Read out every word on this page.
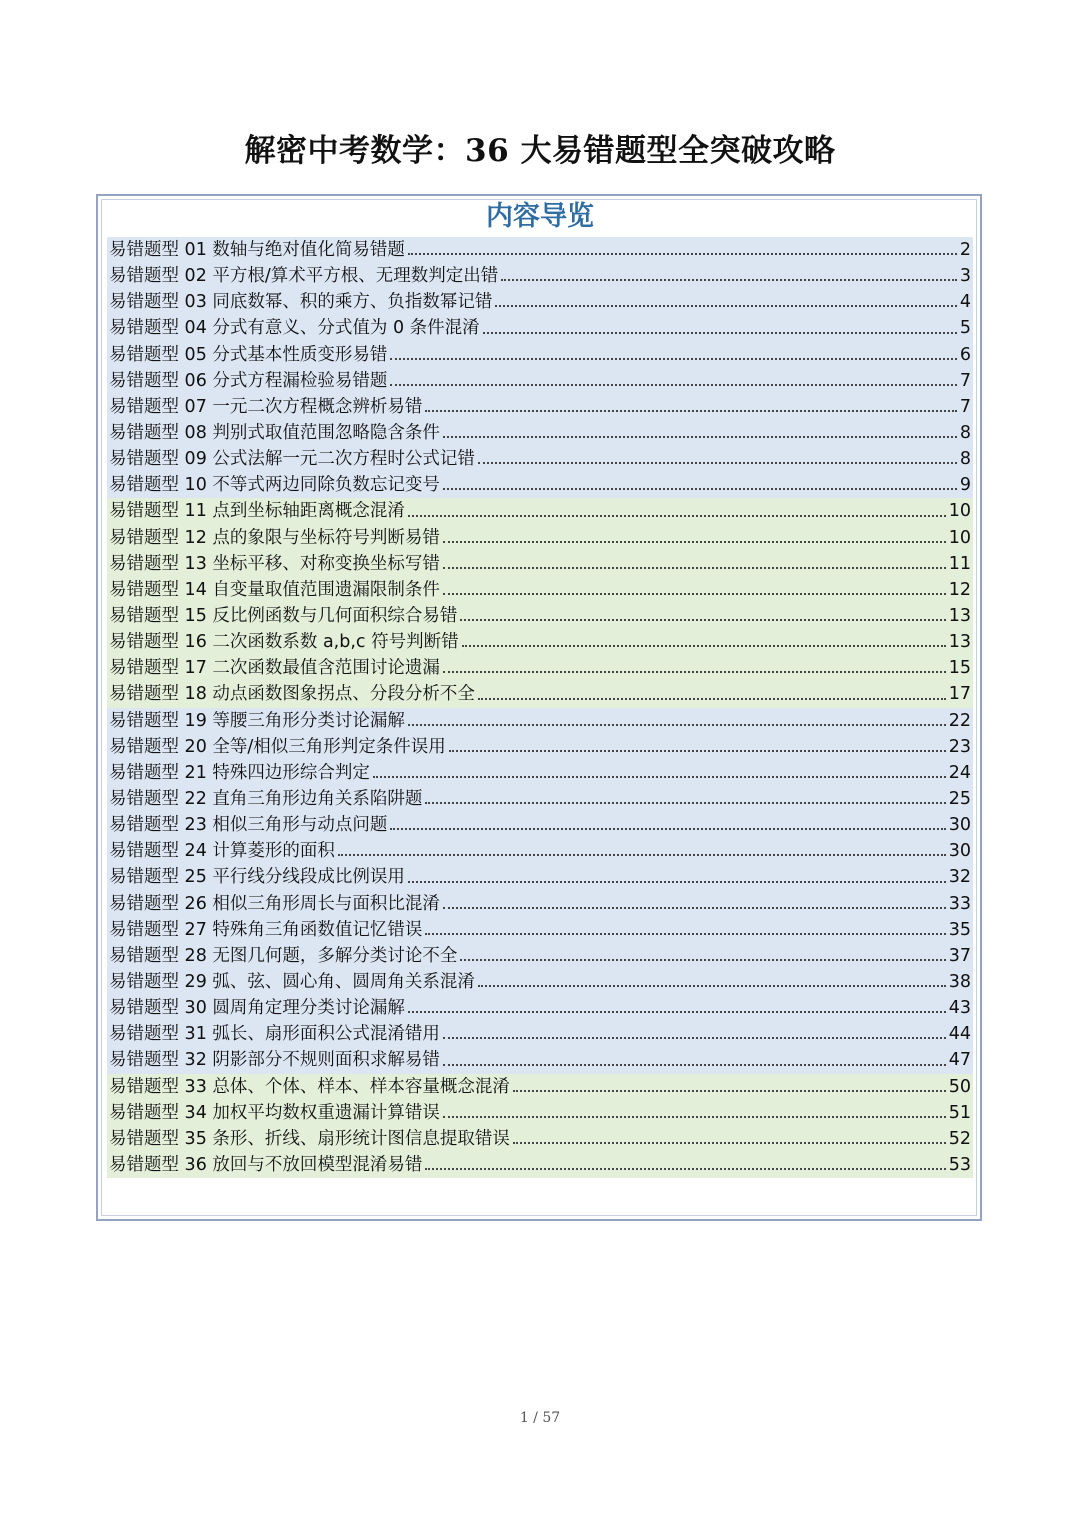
解密中考数学：36 大易错题型全突破攻略
内容导览
易错题型 01 数轴与绝对值化简易错题	2
易错题型 02 平方根/算术平方根、无理数判定出错	3
易错题型 03 同底数幂、积的乘方、负指数幂记错	4
易错题型 04 分式有意义、分式值为 0 条件混淆	5
易错题型 05 分式基本性质变形易错	6
易错题型 06 分式方程漏检验易错题	7
易错题型 07 一元二次方程概念辨析易错	7
易错题型 08 判别式取值范围忽略隐含条件	8
易错题型 09 公式法解一元二次方程时公式记错	8
易错题型 10 不等式两边同除负数忘记变号	9
易错题型 11 点到坐标轴距离概念混淆	10
易错题型 12 点的象限与坐标符号判断易错	10
易错题型 13 坐标平移、对称变换坐标写错	11
易错题型 14 自变量取值范围遗漏限制条件	12
易错题型 15 反比例函数与几何面积综合易错	13
易错题型 16 二次函数系数 a,b,c 符号判断错	13
易错题型 17 二次函数最值含范围讨论遗漏	15
易错题型 18 动点函数图象拐点、分段分析不全	17
易错题型 19 等腰三角形分类讨论漏解	22
易错题型 20 全等/相似三角形判定条件误用	23
易错题型 21 特殊四边形综合判定	24
易错题型 22 直角三角形边角关系陷阱题	25
易错题型 23 相似三角形与动点问题	30
易错题型 24 计算菱形的面积	30
易错题型 25 平行线分线段成比例误用	32
易错题型 26 相似三角形周长与面积比混淆	33
易错题型 27 特殊角三角函数值记忆错误	35
易错题型 28 无图几何题，多解分类讨论不全	37
易错题型 29 弧、弦、圆心角、圆周角关系混淆	38
易错题型 30 圆周角定理分类讨论漏解	43
易错题型 31 弧长、扇形面积公式混淆错用	44
易错题型 32 阴影部分不规则面积求解易错	47
易错题型 33 总体、个体、样本、样本容量概念混淆	50
易错题型 34 加权平均数权重遗漏计算错误	51
易错题型 35 条形、折线、扇形统计图信息提取错误	52
易错题型 36 放回与不放回模型混淆易错	53
1 / 57
